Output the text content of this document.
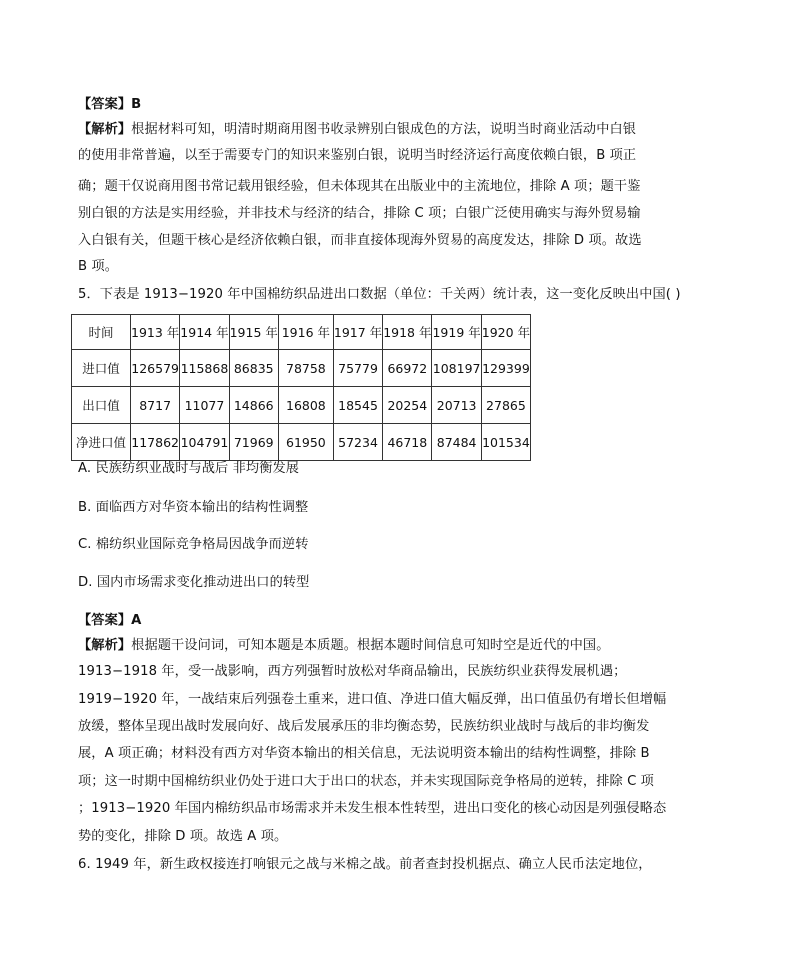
【答案】B
【解析】根据材料可知，明清时期商用图书收录辨别白银成色的方法，说明当时商业活动中白银
的使用非常普遍，以至于需要专门的知识来鉴别白银，说明当时经济运行高度依赖白银，B 项正
确；题干仅说商用图书常记载用银经验，但未体现其在出版业中的主流地位，排除 A 项；题干鉴
别白银的方法是实用经验，并非技术与经济的结合，排除 C 项；白银广泛使用确实与海外贸易输
入白银有关，但题干核心是经济依赖白银，而非直接体现海外贸易的高度发达，排除 D 项。故选
B 项。
5．下表是 1913−1920 年中国棉纺织品进出口数据（单位：千关两）统计表，这一变化反映出中国( )
时间	1913 年	1914 年	1915 年	1916 年	1917 年	1918 年	1919 年	1920 年
进口值	126579	115868	86835	78758	75779	66972	108197	129399
出口值	8717	11077	14866	16808	18545	20254	20713	27865
净进口值	117862	104791	71969	61950	57234	46718	87484	101534
A. 民族纺织业战时与战后 非均衡发展
B. 面临西方对华资本输出的结构性调整
C. 棉纺织业国际竞争格局因战争而逆转
D. 国内市场需求变化推动进出口的转型
【答案】A
【解析】根据题干设问词，可知本题是本质题。根据本题时间信息可知时空是近代的中国。
1913−1918 年，受一战影响，西方列强暂时放松对华商品输出，民族纺织业获得发展机遇；
1919−1920 年，一战结束后列强卷土重来，进口值、净进口值大幅反弹，出口值虽仍有增长但增幅
放缓，整体呈现出战时发展向好、战后发展承压的非均衡态势，民族纺织业战时与战后的非均衡发
展，A 项正确；材料没有西方对华资本输出的相关信息，无法说明资本输出的结构性调整，排除 B
项；这一时期中国棉纺织业仍处于进口大于出口的状态，并未实现国际竞争格局的逆转，排除 C 项
；1913−1920 年国内棉纺织品市场需求并未发生根本性转型，进出口变化的核心动因是列强侵略态
势的变化，排除 D 项。故选 A 项。
6. 1949 年，新生政权接连打响银元之战与米棉之战。前者查封投机据点、确立人民币法定地位，
